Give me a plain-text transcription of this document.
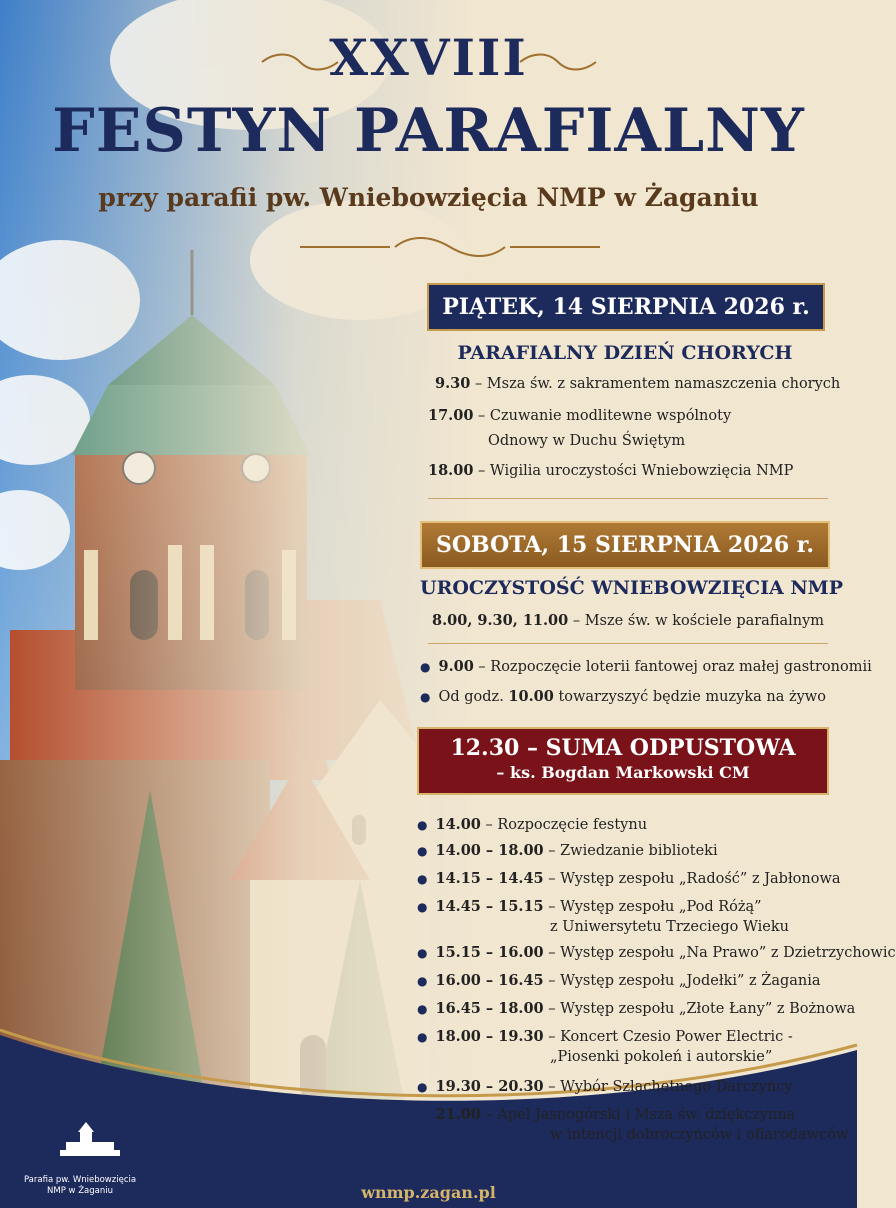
XXVIII
FESTYN PARAFIALNY
przy parafii pw. Wniebowzięcia NMP w Żaganiu
PIĄTEK, 14 SIERPNIA 2026 r.
PARAFIALNY DZIEŃ CHORYCH
9.30 – Msza św. z sakramentem namaszczenia chorych
17.00 – Czuwanie modlitewne wspólnoty
Odnowy w Duchu Świętym
18.00 – Wigilia uroczystości Wniebowzięcia NMP
SOBOTA, 15 SIERPNIA 2026 r.
UROCZYSTOŚĆ WNIEBOWZIĘCIA NMP
8.00, 9.30, 11.00 – Msze św. w kościele parafialnym
● 9.00 – Rozpoczęcie loterii fantowej oraz małej gastronomii
● Od godz. 10.00 towarzyszyć będzie muzyka na żywo
12.30 – SUMA ODPUSTOWA
– ks. Bogdan Markowski CM
● 14.00 – Rozpoczęcie festynu
● 14.00 – 18.00 – Zwiedzanie biblioteki
● 14.15 – 14.45 – Występ zespołu „Radość” z Jabłonowa
● 14.45 – 15.15 – Występ zespołu „Pod Różą”
z Uniwersytetu Trzeciego Wieku
● 15.15 – 16.00 – Występ zespołu „Na Prawo” z Dzietrzychowic
● 16.00 – 16.45 – Występ zespołu „Jodełki” z Żagania
● 16.45 – 18.00 – Występ zespołu „Złote Łany” z Bożnowa
● 18.00 – 19.30 – Koncert Czesio Power Electric -
„Piosenki pokoleń i autorskie”
● 19.30 – 20.30 – Wybór Szlachetnego Darczyńcy
● 21.00 – Apel Jasnogórski i Msza św. dziękczynna
w intencji dobroczyńców i ofiarodawców
wnmp.zagan.pl
Parafia pw. Wniebowzięcia
NMP w Żaganiu
